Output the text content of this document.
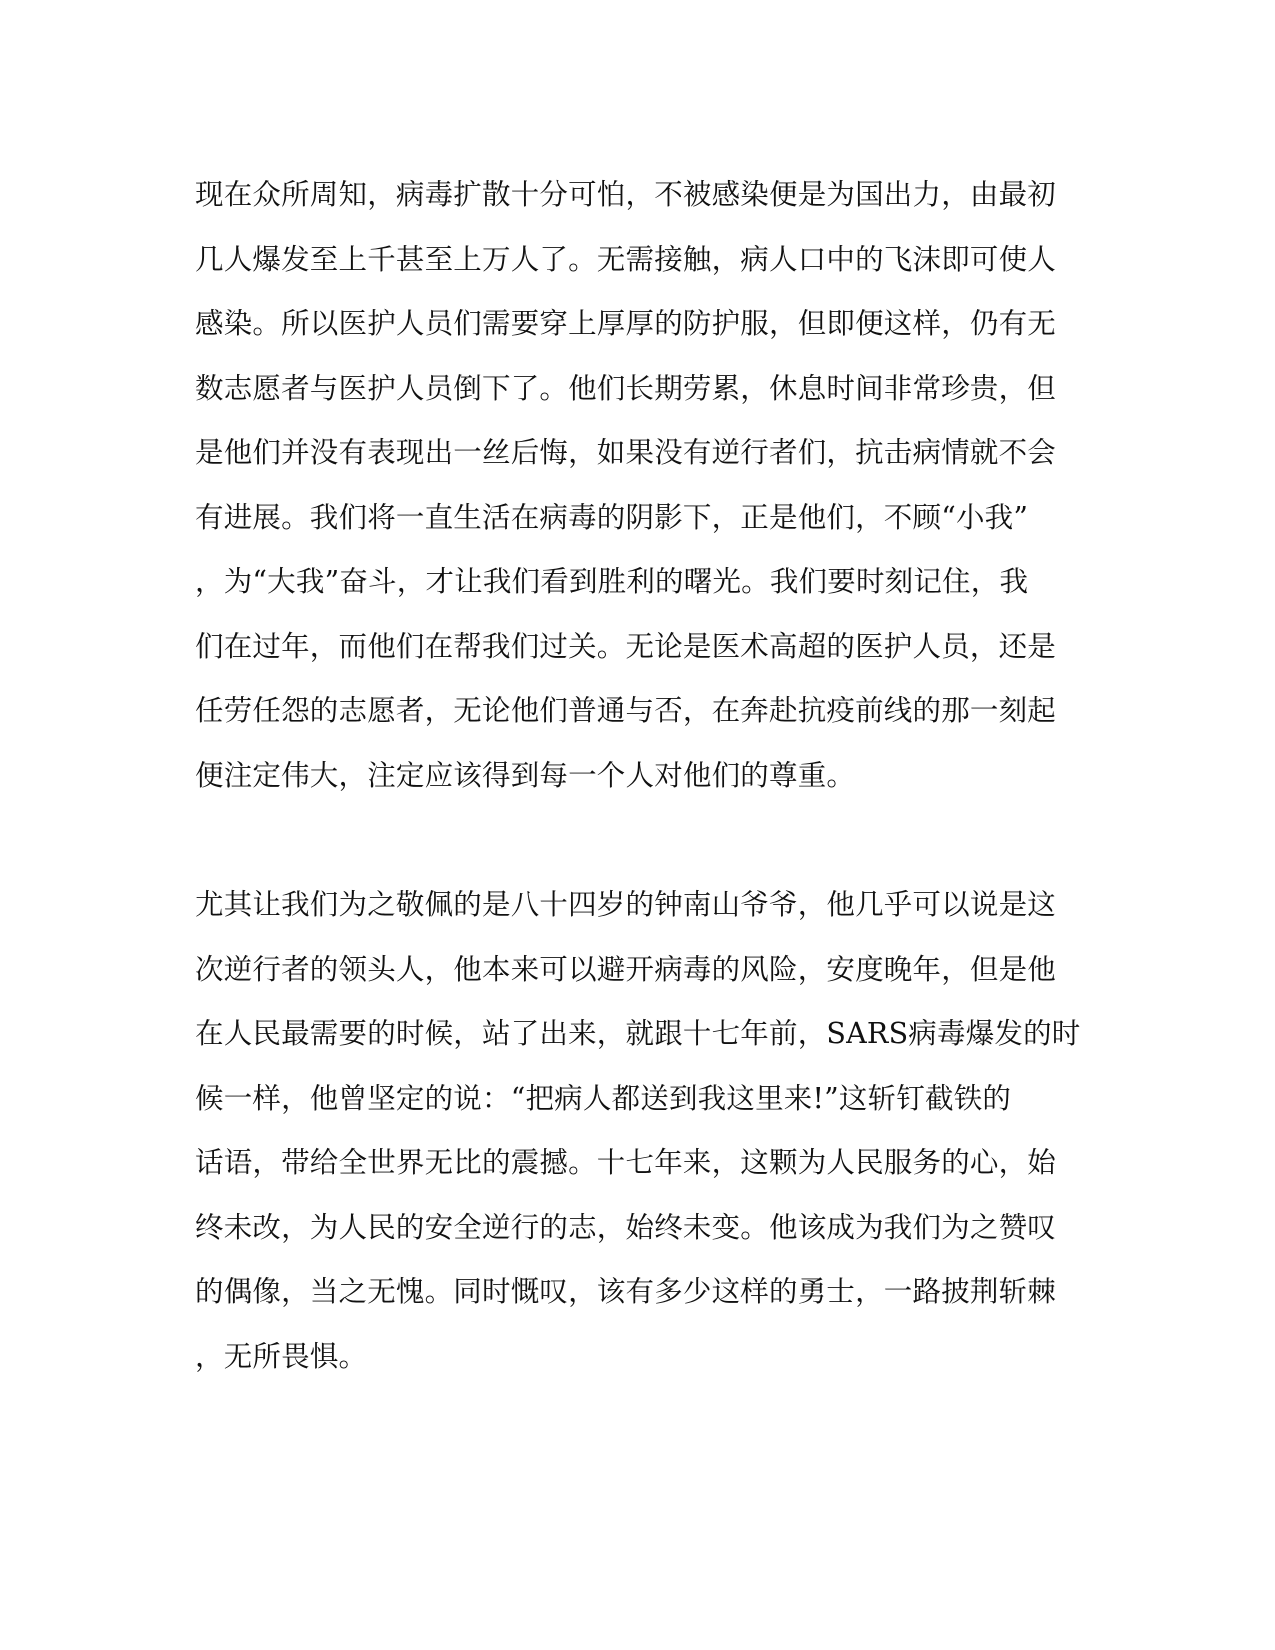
现在众所周知，病毒扩散十分可怕，不被感染便是为国出力，由最初
几人爆发至上千甚至上万人了。无需接触，病人口中的飞沫即可使人
感染。所以医护人员们需要穿上厚厚的防护服，但即便这样，仍有无
数志愿者与医护人员倒下了。他们长期劳累，休息时间非常珍贵，但
是他们并没有表现出一丝后悔，如果没有逆行者们，抗击病情就不会
有进展。我们将一直生活在病毒的阴影下，正是他们，不顾“小我”
，为“大我”奋斗，才让我们看到胜利的曙光。我们要时刻记住，我
们在过年，而他们在帮我们过关。无论是医术高超的医护人员，还是
任劳任怨的志愿者，无论他们普通与否，在奔赴抗疫前线的那一刻起
便注定伟大，注定应该得到每一个人对他们的尊重。
尤其让我们为之敬佩的是八十四岁的钟南山爷爷，他几乎可以说是这
次逆行者的领头人，他本来可以避开病毒的风险，安度晚年，但是他
在人民最需要的时候，站了出来，就跟十七年前，SARS病毒爆发的时
候一样，他曾坚定的说：“把病人都送到我这里来!”这斩钉截铁的
话语，带给全世界无比的震撼。十七年来，这颗为人民服务的心，始
终未改，为人民的安全逆行的志，始终未变。他该成为我们为之赞叹
的偶像，当之无愧。同时慨叹，该有多少这样的勇士，一路披荆斩棘
，无所畏惧。
